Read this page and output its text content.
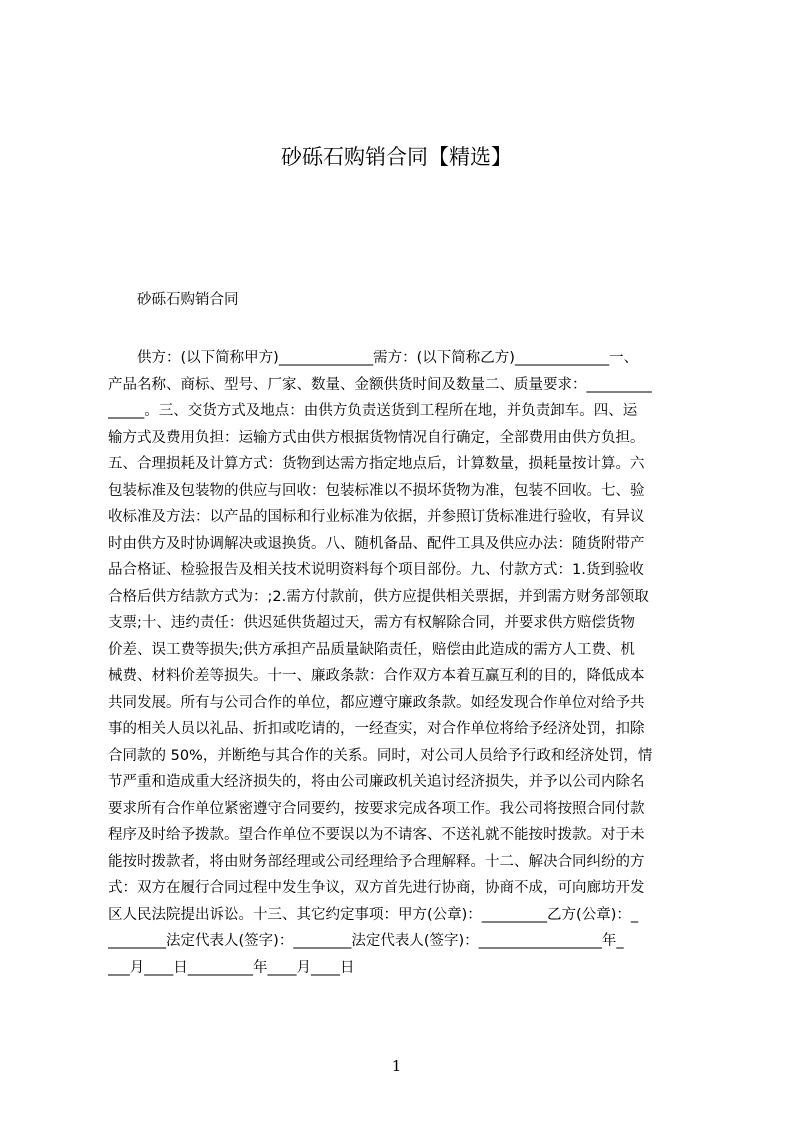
砂砾石购销合同【精选】

砂砾石购销合同

供方：(以下简称甲方)_____________需方：(以下简称乙方)_____________一、
产品名称、商标、型号、厂家、数量、金额供货时间及数量二、质量要求：_________
_____。三、交货方式及地点：由供方负责送货到工程所在地，并负责卸车。四、运
输方式及费用负担：运输方式由供方根据货物情况自行确定，全部费用由供方负担。
五、合理损耗及计算方式：货物到达需方指定地点后，计算数量，损耗量按计算。六
包装标准及包装物的供应与回收：包装标准以不损坏货物为准，包装不回收。七、验
收标准及方法：以产品的国标和行业标准为依据，并参照订货标准进行验收，有异议
时由供方及时协调解决或退换货。八、随机备品、配件工具及供应办法：随货附带产
品合格证、检验报告及相关技术说明资料每个项目部份。九、付款方式：1.货到验收
合格后供方结款方式为：;2.需方付款前，供方应提供相关票据，并到需方财务部领取
支票;十、违约责任：供迟延供货超过天，需方有权解除合同，并要求供方赔偿货物
价差、误工费等损失;供方承担产品质量缺陷责任，赔偿由此造成的需方人工费、机
械费、材料价差等损失。十一、廉政条款：合作双方本着互赢互利的目的，降低成本
共同发展。所有与公司合作的单位，都应遵守廉政条款。如经发现合作单位对给予共
事的相关人员以礼品、折扣或吃请的，一经查实，对合作单位将给予经济处罚，扣除
合同款的 50%，并断绝与其合作的关系。同时，对公司人员给予行政和经济处罚，情
节严重和造成重大经济损失的，将由公司廉政机关追讨经济损失，并予以公司内除名
要求所有合作单位紧密遵守合同要约，按要求完成各项工作。我公司将按照合同付款
程序及时给予拨款。望合作单位不要误以为不请客、不送礼就不能按时拨款。对于未
能按时拨款者，将由财务部经理或公司经理给予合理解释。十二、解决合同纠纷的方
式：双方在履行合同过程中发生争议，双方首先进行协商，协商不成，可向廊坊开发
区人民法院提出诉讼。十三、其它约定事项：甲方(公章)：_________乙方(公章)：_
________法定代表人(签字)：________法定代表人(签字)：_________________年_
___月____日_________年____月____日
1
